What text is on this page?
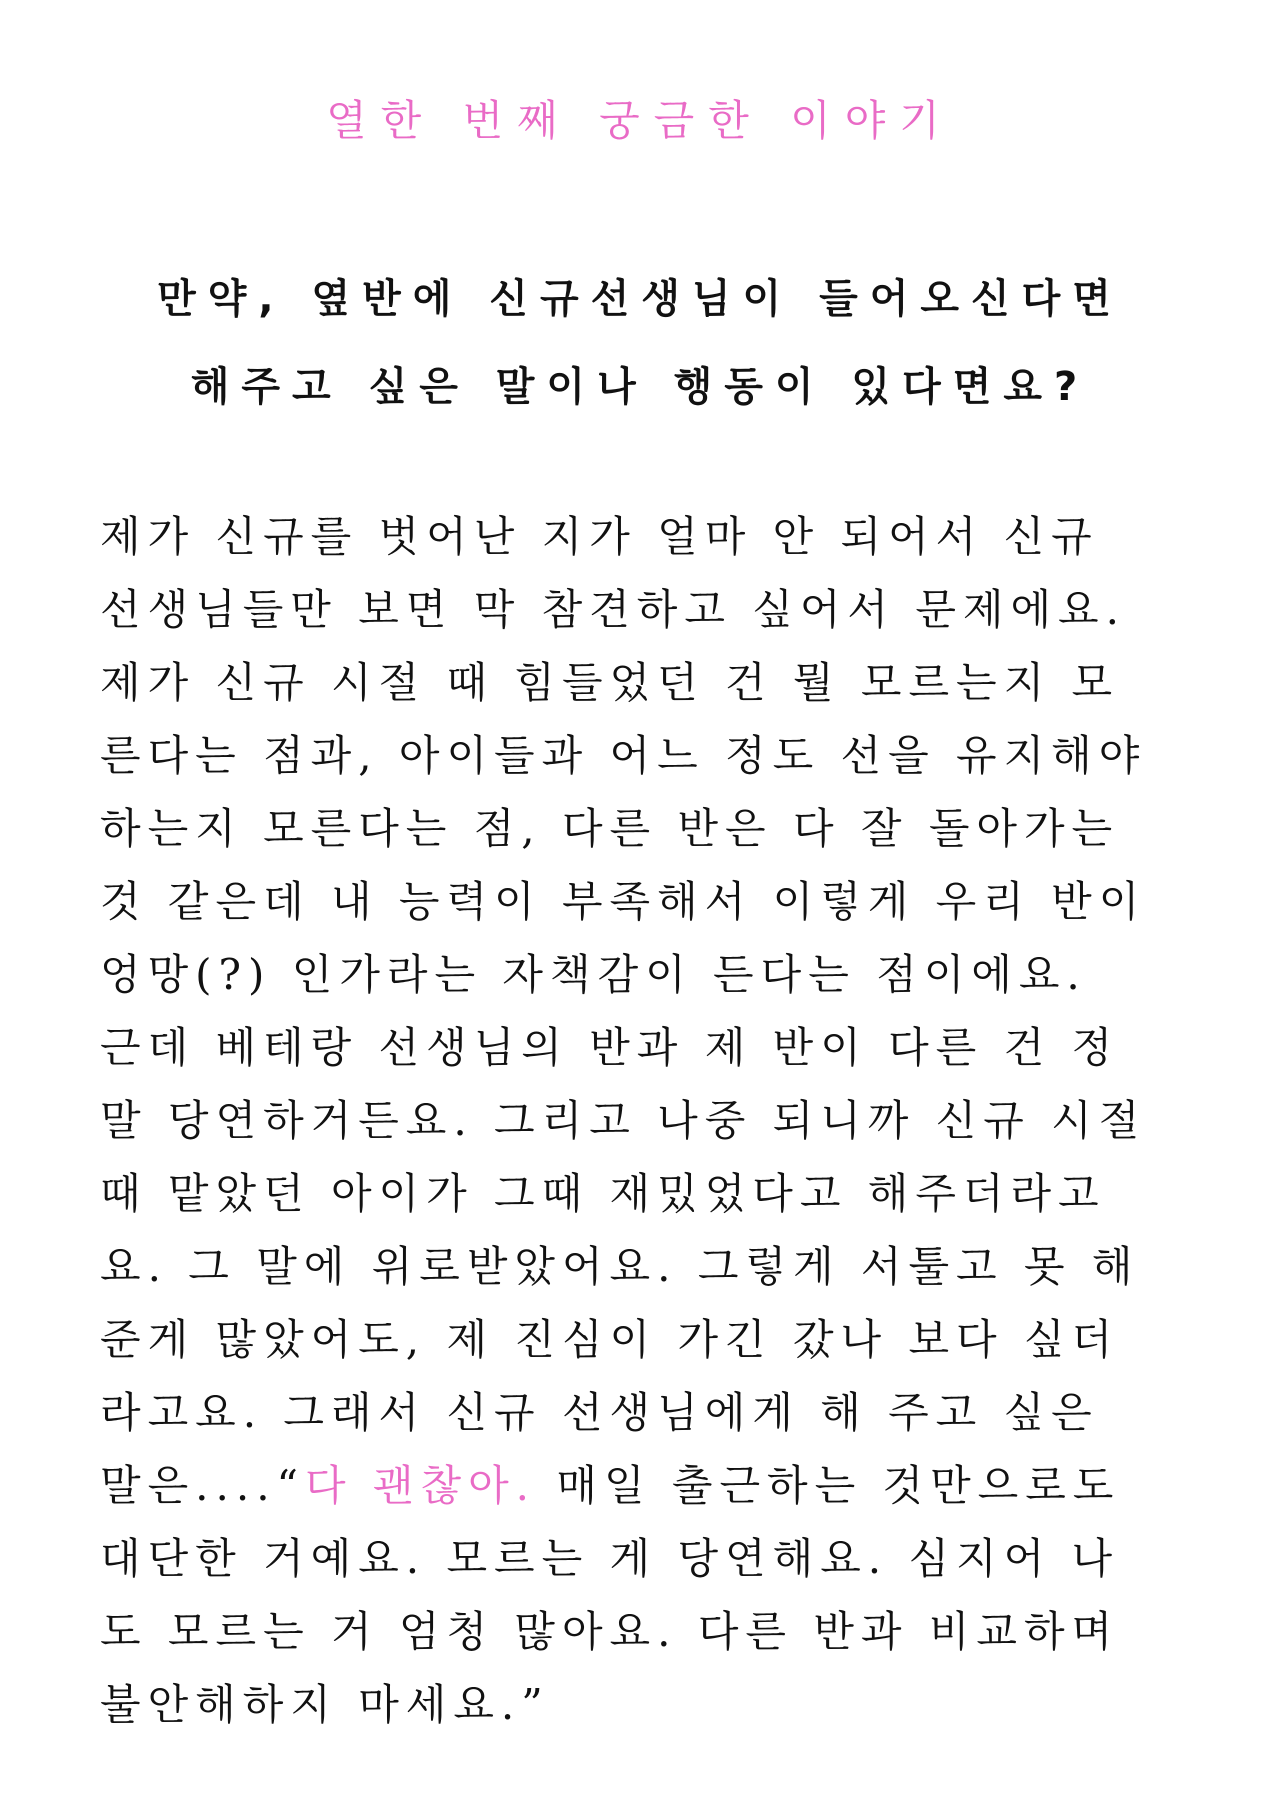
열한 번째 궁금한 이야기
만약, 옆반에 신규선생님이 들어오신다면
해주고 싶은 말이나 행동이 있다면요?
제가 신규를 벗어난 지가 얼마 안 되어서 신규
선생님들만 보면 막 참견하고 싶어서 문제에요.
제가 신규 시절 때 힘들었던 건 뭘 모르는지 모
른다는 점과, 아이들과 어느 정도 선을 유지해야
하는지 모른다는 점, 다른 반은 다 잘 돌아가는
것 같은데 내 능력이 부족해서 이렇게 우리 반이
엉망(?) 인가라는 자책감이 든다는 점이에요.
근데 베테랑 선생님의 반과 제 반이 다른 건 정
말 당연하거든요. 그리고 나중 되니까 신규 시절
때 맡았던 아이가 그때 재밌었다고 해주더라고
요. 그 말에 위로받았어요. 그렇게 서툴고 못 해
준게 많았어도, 제 진심이 가긴 갔나 보다 싶더
라고요. 그래서 신규 선생님에게 해 주고 싶은
말은....“다 괜찮아. 매일 출근하는 것만으로도
대단한 거예요. 모르는 게 당연해요. 심지어 나
도 모르는 거 엄청 많아요. 다른 반과 비교하며
불안해하지 마세요.”
